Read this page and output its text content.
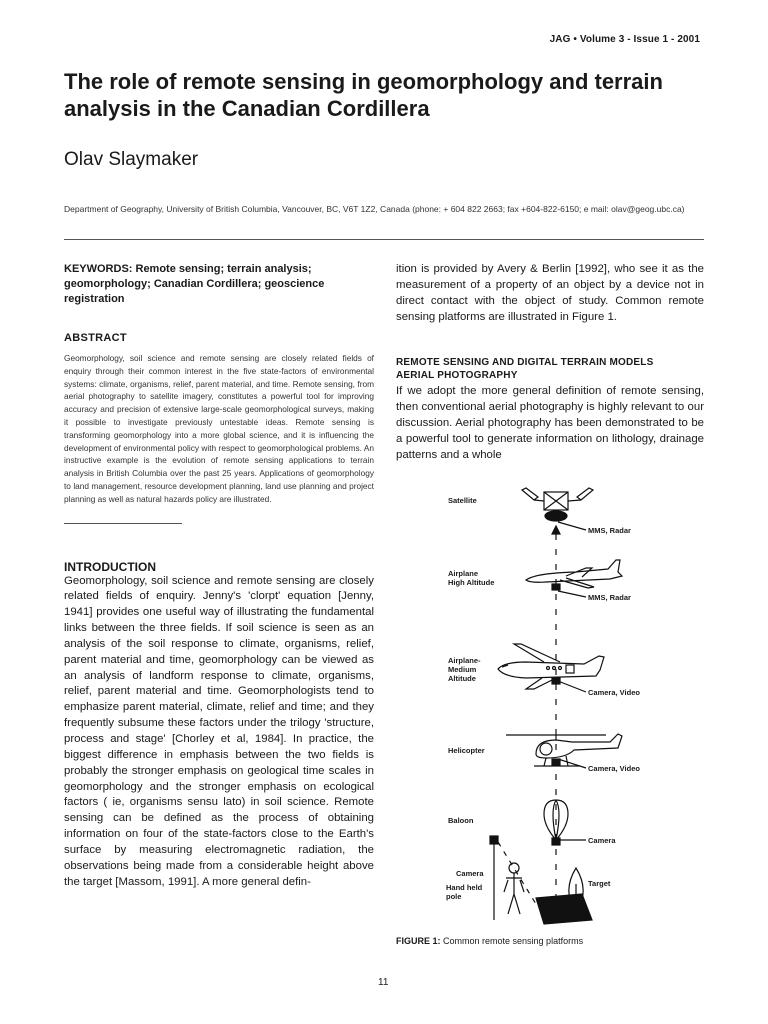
JAG • Volume 3 - Issue 1 - 2001
The role of remote sensing in geomorphology and terrain analysis in the Canadian Cordillera
Olav Slaymaker
Department of Geography, University of British Columbia, Vancouver, BC, V6T 1Z2, Canada (phone: + 604 822 2663; fax +604-822-6150; e mail: olav@geog.ubc.ca)

KEYWORDS: Remote sensing; terrain analysis; geomorphology; Canadian Cordillera; geoscience registration

ABSTRACT

Geomorphology, soil science and remote sensing are closely related fields of enquiry through their common interest in the five state-factors of environmental systems: climate, organisms, relief, parent material, and time. Remote sensing, from aerial photography to satellite imagery, constitutes a powerful tool for improving accuracy and precision of extensive large-scale geomorphological surveys, making it possible to investigate previously untestable ideas. Remote sensing is transforming geomorphology into a more global science, and it is influencing the development of environmental policy with respect to geomorphological problems. An instructive example is the evolution of remote sensing applications to terrain analysis in British Columbia over the past 25 years. Applications of geomorphology to land management, resource development planning, land use planning and project planning as well as natural hazards policy are illustrated.

INTRODUCTION

Geomorphology, soil science and remote sensing are closely related fields of enquiry. Jenny's 'clorpt' equation [Jenny, 1941] provides one useful way of illustrating the fundamental links between the three fields. If soil science is seen as an analysis of the soil response to climate, organisms, relief, parent material and time, geomorphology can be viewed as an analysis of landform response to climate, organisms, relief, parent material and time. Geomorphologists tend to emphasize parent material, climate, relief and time; and they frequently subsume these factors under the trilogy 'structure, process and stage' [Chorley et al, 1984]. In practice, the biggest difference in emphasis between the two fields is probably the stronger emphasis on geological time scales in geomorphology and the stronger emphasis on ecological factors ( ie, organisms sensu lato) in soil science. Remote sensing can be defined as the process of obtaining information on four of the state-factors close to the Earth's surface by measuring electromagnetic radiation, the observations being made from a considerable height above the target [Massom, 1991]. A more general defin-

ition is provided by Avery & Berlin [1992], who see it as the measurement of a property of an object by a device not in direct contact with the object of study. Common remote sensing platforms are illustrated in Figure 1.

REMOTE SENSING AND DIGITAL TERRAIN MODELS

AERIAL PHOTOGRAPHY

If we adopt the more general definition of remote sensing, then conventional aerial photography is highly relevant to our discussion. Aerial photography has been demonstrated to be a powerful tool to generate information on lithology, drainage patterns and a whole

Satellite
Airplane
High Altitude
Airplane-
Medium
Altitude
Helicopter
Baloon
Camera
Hand held
pole
Target
MMS, Radar
MMS, Radar
Camera, Video
Camera, Video
Camera
FIGURE 1: Common remote sensing platforms
11
